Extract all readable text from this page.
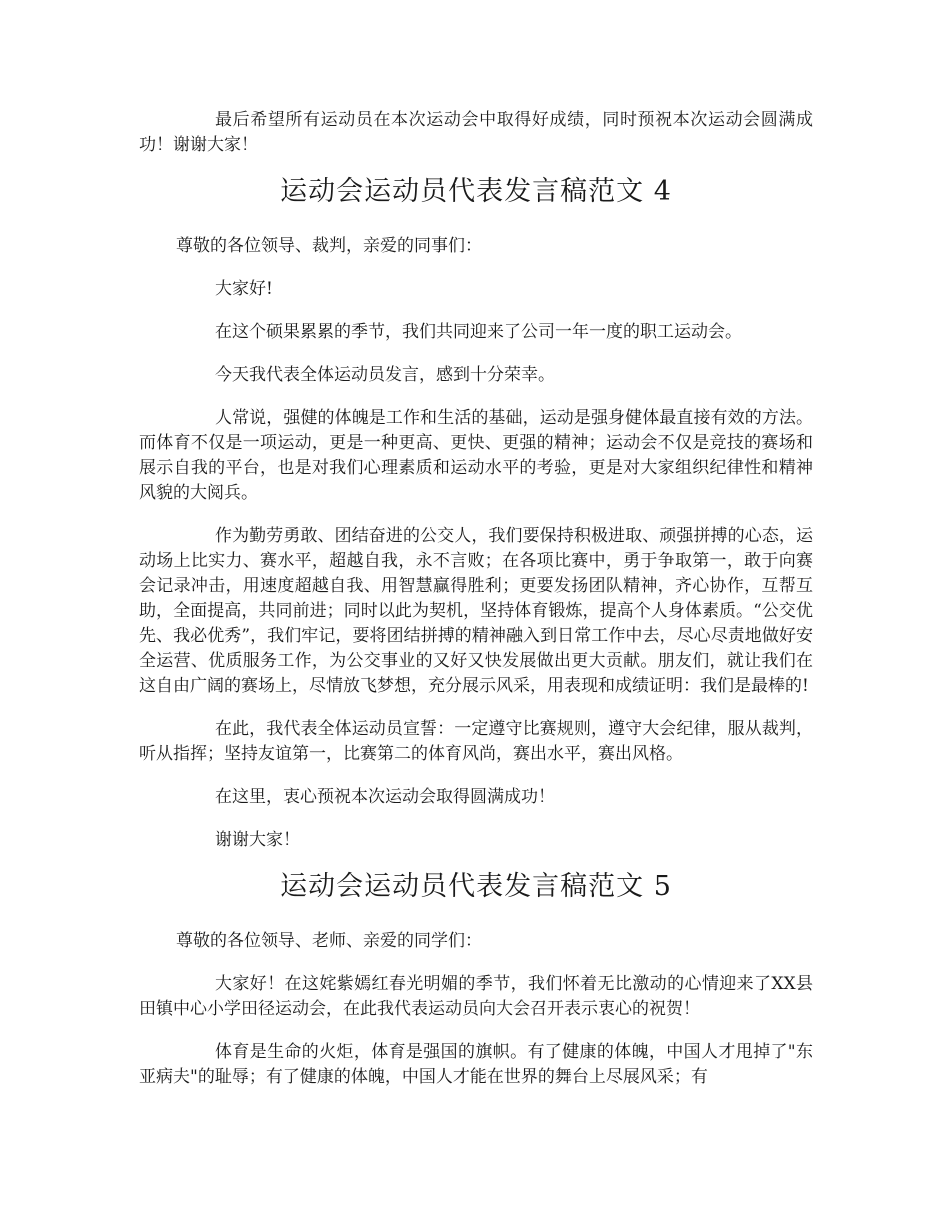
最后希望所有运动员在本次运动会中取得好成绩，同时预祝本次运动会圆满成功！谢谢大家！

运动会运动员代表发言稿范文 4

尊敬的各位领导、裁判，亲爱的同事们：

大家好!

在这个硕果累累的季节，我们共同迎来了公司一年一度的职工运动会。

今天我代表全体运动员发言，感到十分荣幸。

人常说，强健的体魄是工作和生活的基础，运动是强身健体最直接有效的方法。而体育不仅是一项运动，更是一种更高、更快、更强的精神；运动会不仅是竞技的赛场和展示自我的平台，也是对我们心理素质和运动水平的考验，更是对大家组织纪律性和精神风貌的大阅兵。

作为勤劳勇敢、团结奋进的公交人，我们要保持积极进取、顽强拼搏的心态，运动场上比实力、赛水平，超越自我，永不言败；在各项比赛中，勇于争取第一，敢于向赛会记录冲击，用速度超越自我、用智慧赢得胜利；更要发扬团队精神，齐心协作，互帮互助，全面提高，共同前进；同时以此为契机，坚持体育锻炼，提高个人身体素质。“公交优先、我必优秀”，我们牢记，要将团结拼搏的精神融入到日常工作中去，尽心尽责地做好安全运营、优质服务工作，为公交事业的又好又快发展做出更大贡献。朋友们，就让我们在这自由广阔的赛场上，尽情放飞梦想，充分展示风采，用表现和成绩证明：我们是最棒的!

在此，我代表全体运动员宣誓：一定遵守比赛规则，遵守大会纪律，服从裁判，听从指挥；坚持友谊第一，比赛第二的体育风尚，赛出水平，赛出风格。

在这里，衷心预祝本次运动会取得圆满成功！

谢谢大家！

运动会运动员代表发言稿范文 5

尊敬的各位领导、老师、亲爱的同学们：

大家好！在这姹紫嫣红春光明媚的季节，我们怀着无比激动的心情迎来了XX县田镇中心小学田径运动会，在此我代表运动员向大会召开表示衷心的祝贺！

体育是生命的火炬，体育是强国的旗帜。有了健康的体魄，中国人才甩掉了"东亚病夫"的耻辱；有了健康的体魄，中国人才能在世界的舞台上尽展风采；有
